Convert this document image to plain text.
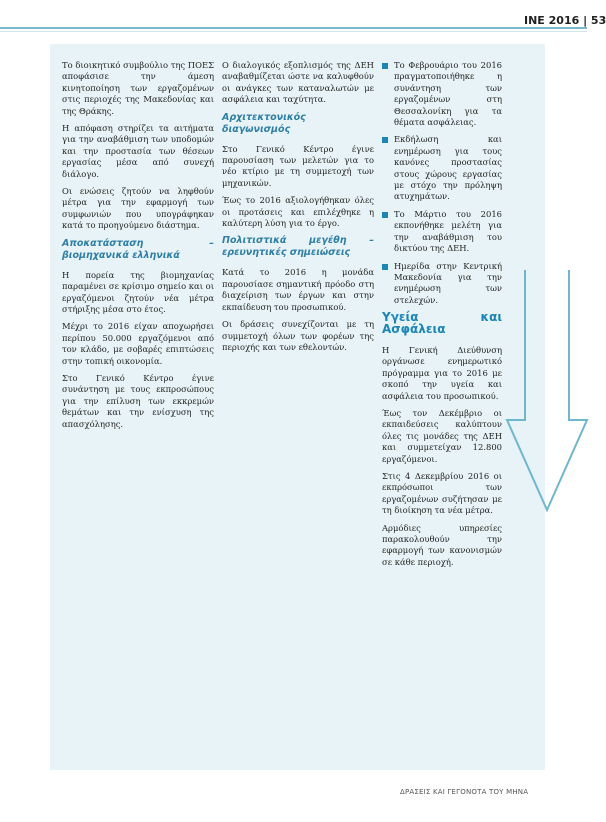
ΙΝΕ 2016 | 53

Το διοικητικό συμβούλιο της ΠΟΕΣ αποφάσισε την άμεση κινητοποίηση των εργαζομένων στις περιοχές της Μακεδονίας και της Θράκης.

Η απόφαση στηρίζει τα αιτήματα για την αναβάθμιση των υποδομών και την προστασία των θέσεων εργασίας μέσα από συνεχή διάλογο.

Οι ενώσεις ζητούν να ληφθούν μέτρα για την εφαρμογή των συμφωνιών που υπογράφηκαν κατά το προηγούμενο διάστημα.

Αποκατάσταση – βιομηχανικά ελληνικά

Η πορεία της βιομηχανίας παραμένει σε κρίσιμο σημείο και οι εργαζόμενοι ζητούν νέα μέτρα στήριξης μέσα στο έτος.

Μέχρι το 2016 είχαν αποχωρήσει περίπου 50.000 εργαζόμενοι από τον κλάδο, με σοβαρές επιπτώσεις στην τοπική οικονομία.

Στο Γενικό Κέντρο έγινε συνάντηση με τους εκπροσώπους για την επίλυση των εκκρεμών θεμάτων και την ενίσχυση της απασχόλησης.

Ο διαλογικός εξοπλισμός της ΔΕΗ αναβαθμίζεται ώστε να καλυφθούν οι ανάγκες των καταναλωτών με ασφάλεια και ταχύτητα.

Αρχιτεκτονικός διαγωνισμός

Στο Γενικό Κέντρο έγινε παρουσίαση των μελετών για το νέο κτίριο με τη συμμετοχή των μηχανικών.

Έως το 2016 αξιολογήθηκαν όλες οι προτάσεις και επιλέχθηκε η καλύτερη λύση για το έργο.

Πολιτιστικά μεγέθη – ερευνητικές σημειώσεις

Κατά το 2016 η μονάδα παρουσίασε σημαντική πρόοδο στη διαχείριση των έργων και στην εκπαίδευση του προσωπικού.

Οι δράσεις συνεχίζονται με τη συμμετοχή όλων των φορέων της περιοχής και των εθελοντών.

Το Φεβρουάριο του 2016 πραγματοποιήθηκε η συνάντηση των εργαζομένων στη Θεσσαλονίκη για τα θέματα ασφάλειας.

Εκδήλωση και ενημέρωση για τους κανόνες προστασίας στους χώρους εργασίας με στόχο την πρόληψη ατυχημάτων.

Το Μάρτιο του 2016 εκπονήθηκε μελέτη για την αναβάθμιση του δικτύου της ΔΕΗ.

Ημερίδα στην Κεντρική Μακεδονία για την ενημέρωση των στελεχών.

Υγεία και Ασφάλεια

Η Γενική Διεύθυνση οργάνωσε ενημερωτικό πρόγραμμα για το 2016 με σκοπό την υγεία και ασφάλεια του προσωπικού.

Έως τον Δεκέμβριο οι εκπαιδεύσεις καλύπτουν όλες τις μονάδες της ΔΕΗ και συμμετείχαν 12.800 εργαζόμενοι.

Στις 4 Δεκεμβρίου 2016 οι εκπρόσωποι των εργαζομένων συζήτησαν με τη διοίκηση τα νέα μέτρα.

Αρμόδιες υπηρεσίες παρακολουθούν την εφαρμογή των κανονισμών σε κάθε περιοχή.

ΔΡΑΣΕΙΣ ΚΑΙ ΓΕΓΟΝΟΤΑ ΤΟΥ ΜΗΝΑ
